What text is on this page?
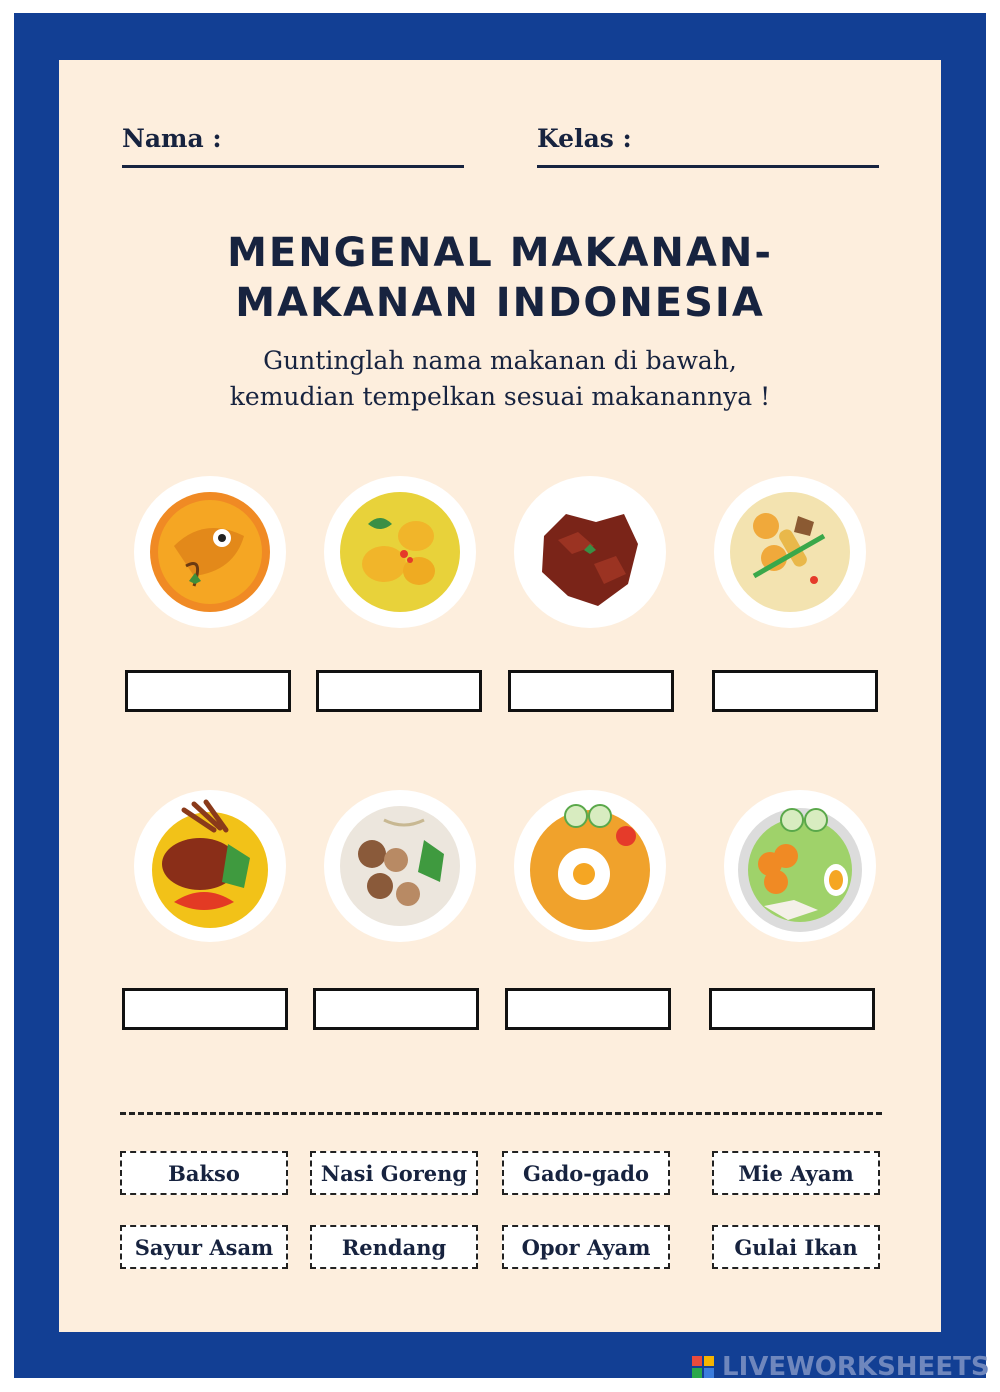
Nama :	Kelas :
MENGENAL MAKANAN-
MAKANAN INDONESIA
Guntinglah nama makanan di bawah,
kemudian tempelkan sesuai makanannya !
Bakso	Nasi Goreng	Gado-gado	Mie Ayam
Sayur Asam	Rendang	Opor Ayam	Gulai Ikan
LIVEWORKSHEETS
